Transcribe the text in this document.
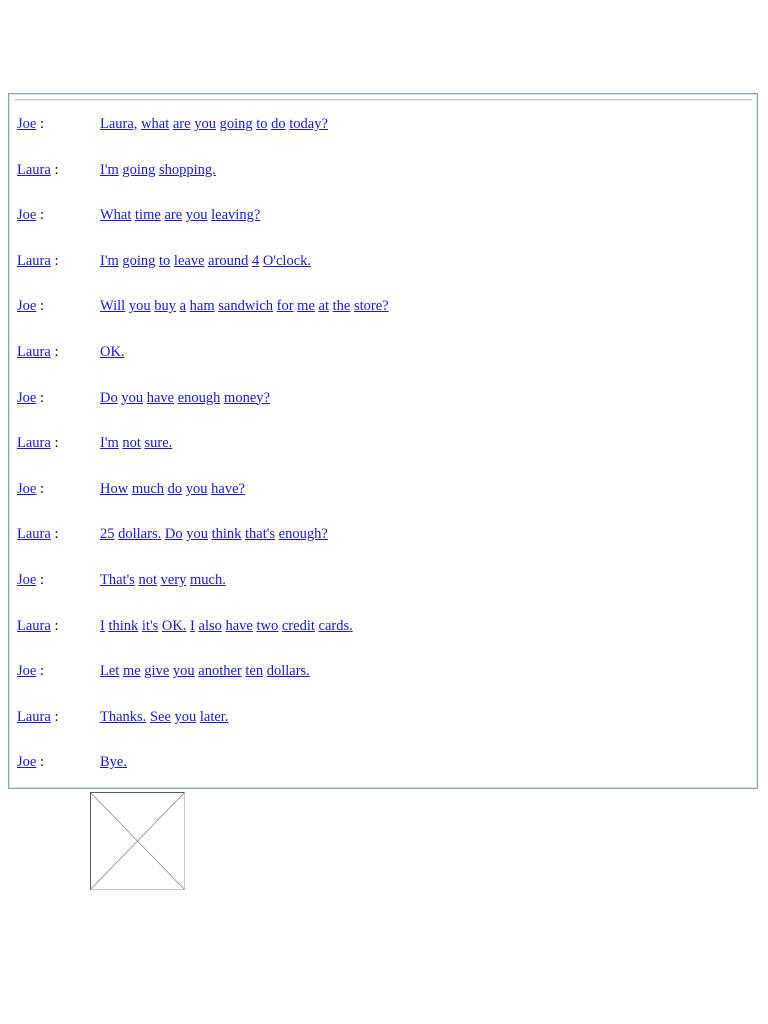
Joe :	Laura, what are you going to do today?
Laura :	I'm going shopping.
Joe :	What time are you leaving?
Laura :	I'm going to leave around 4 O'clock.
Joe :	Will you buy a ham sandwich for me at the store?
Laura :	OK.
Joe :	Do you have enough money?
Laura :	I'm not sure.
Joe :	How much do you have?
Laura :	25 dollars. Do you think that's enough?
Joe :	That's not very much.
Laura :	I think it's OK. I also have two credit cards.
Joe :	Let me give you another ten dollars.
Laura :	Thanks. See you later.
Joe :	Bye.
